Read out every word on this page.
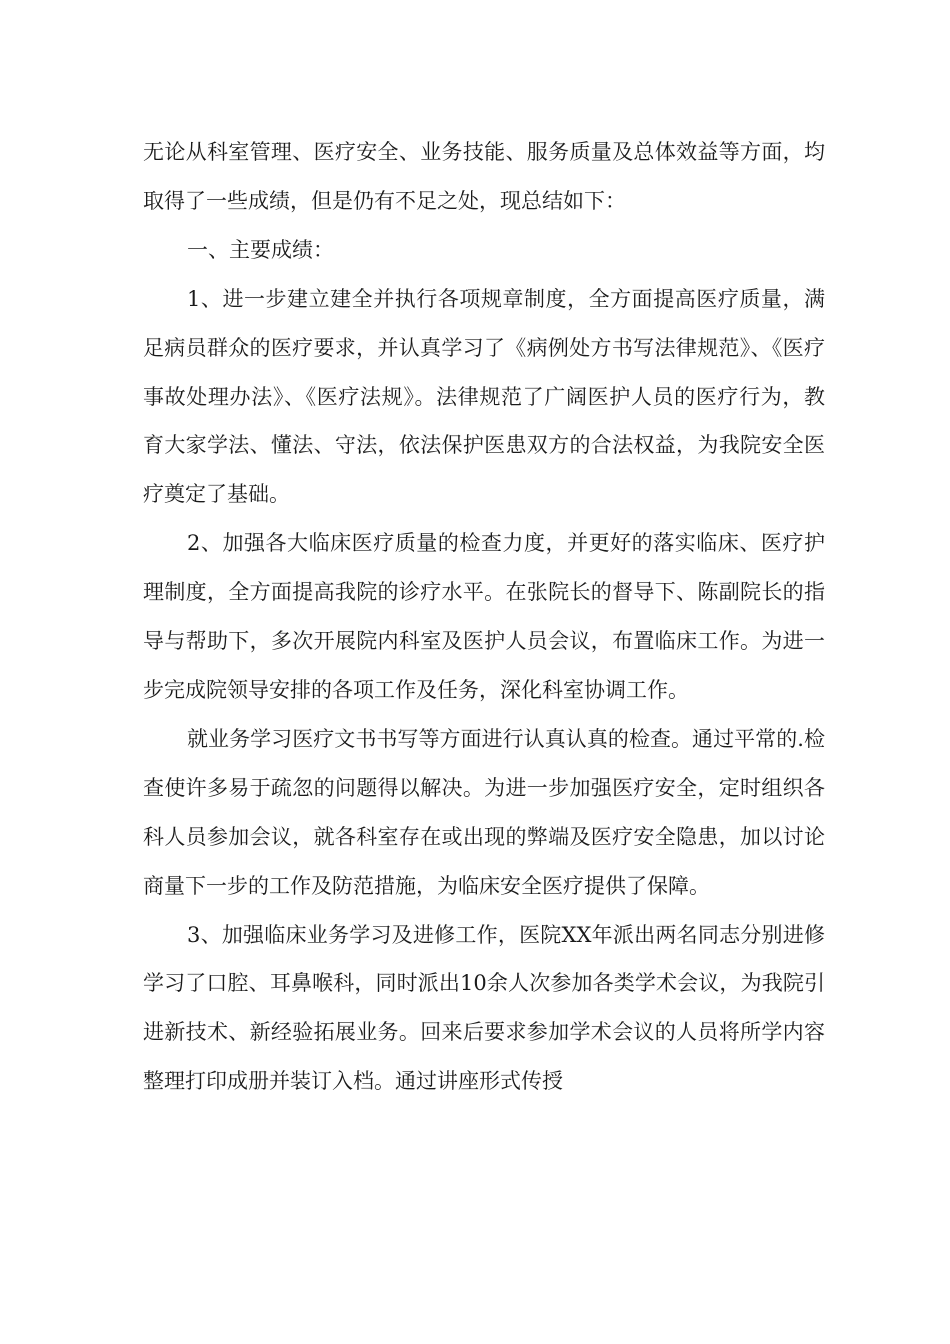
无论从科室管理、医疗安全、业务技能、服务质量及总体效益等方面，均取得了一些成绩，但是仍有不足之处，现总结如下：

一、主要成绩：

1、进一步建立建全并执行各项规章制度，全方面提高医疗质量，满足病员群众的医疗要求，并认真学习了《病例处方书写法律规范》、《医疗事故处理办法》、《医疗法规》。法律规范了广阔医护人员的医疗行为，教育大家学法、懂法、守法，依法保护医患双方的合法权益，为我院安全医疗奠定了基础。

2、加强各大临床医疗质量的检查力度，并更好的落实临床、医疗护理制度，全方面提高我院的诊疗水平。在张院长的督导下、陈副院长的指导与帮助下，多次开展院内科室及医护人员会议，布置临床工作。为进一步完成院领导安排的各项工作及任务，深化科室协调工作。

就业务学习医疗文书书写等方面进行认真认真的检查。通过平常的.检查使许多易于疏忽的问题得以解决。为进一步加强医疗安全，定时组织各科人员参加会议，就各科室存在或出现的弊端及医疗安全隐患，加以讨论商量下一步的工作及防范措施，为临床安全医疗提供了保障。

3、加强临床业务学习及进修工作，医院XX年派出两名同志分别进修学习了口腔、耳鼻喉科，同时派出10余人次参加各类学术会议，为我院引进新技术、新经验拓展业务。回来后要求参加学术会议的人员将所学内容整理打印成册并装订入档。通过讲座形式传授
